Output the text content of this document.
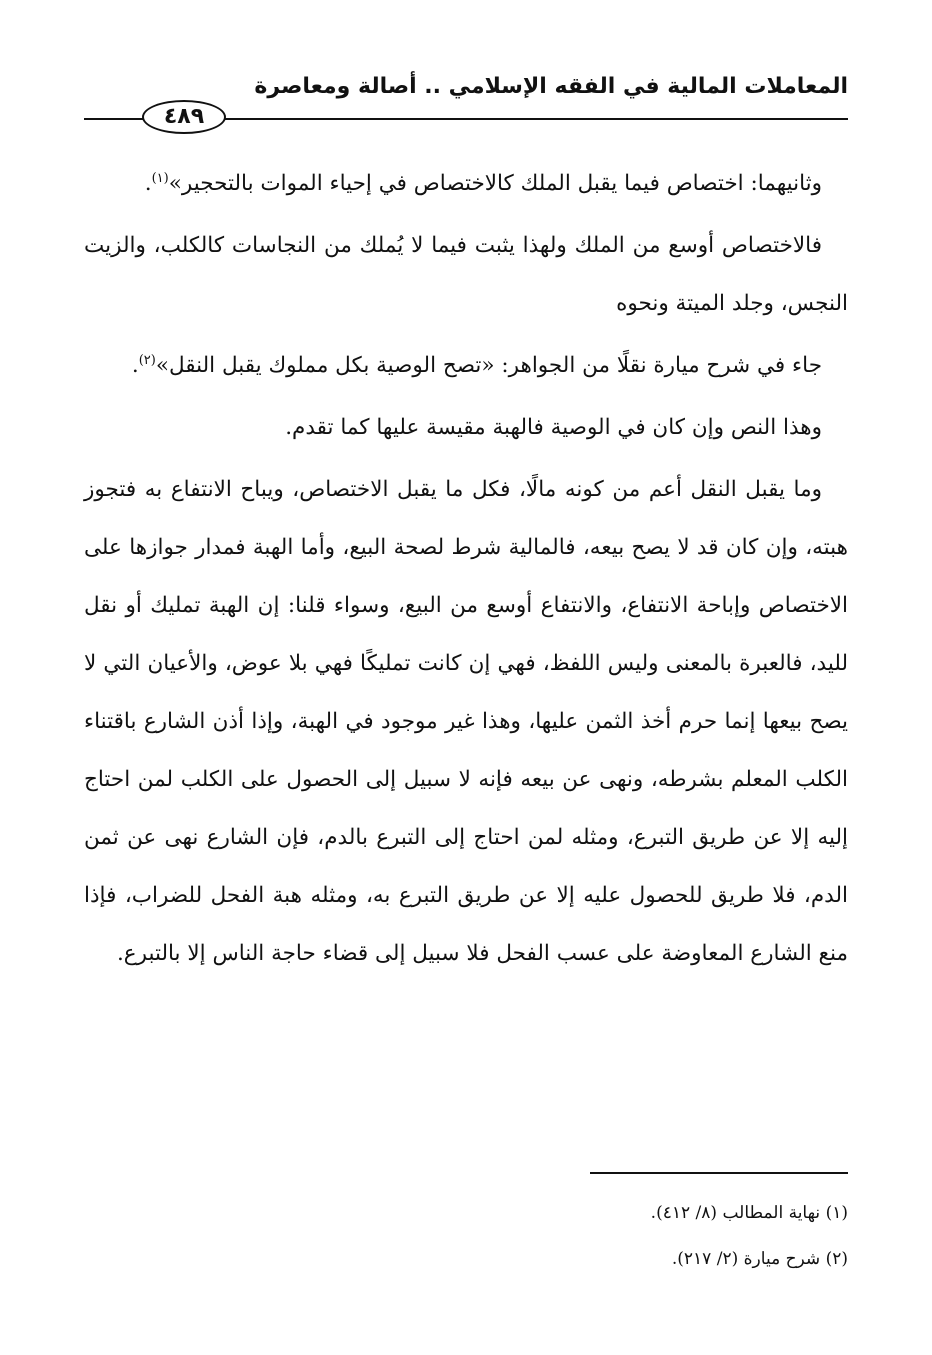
المعاملات المالية في الفقه الإسلامي .. أصالة ومعاصرة
٤٨٩

وثانيهما: اختصاص فيما يقبل الملك كالاختصاص في إحياء الموات بالتحجير»$^{(١)}$.

فالاختصاص أوسع من الملك ولهذا يثبت فيما لا يُملك من النجاسات كالكلب، والزيت النجس، وجلد الميتة ونحوه

جاء في شرح ميارة نقلًا من الجواهر: «تصح الوصية بكل مملوك يقبل النقل»$^{(٢)}$.

وهذا النص وإن كان في الوصية فالهبة مقيسة عليها كما تقدم.

وما يقبل النقل أعم من كونه مالًا، فكل ما يقبل الاختصاص، ويباح الانتفاع به فتجوز هبته، وإن كان قد لا يصح بيعه، فالمالية شرط لصحة البيع، وأما الهبة فمدار جوازها على الاختصاص وإباحة الانتفاع، والانتفاع أوسع من البيع، وسواء قلنا: إن الهبة تمليك أو نقل لليد، فالعبرة بالمعنى وليس اللفظ، فهي إن كانت تمليكًا فهي بلا عوض، والأعيان التي لا يصح بيعها إنما حرم أخذ الثمن عليها، وهذا غير موجود في الهبة، وإذا أذن الشارع باقتناء الكلب المعلم بشرطه، ونهى عن بيعه فإنه لا سبيل إلى الحصول على الكلب لمن احتاج إليه إلا عن طريق التبرع، ومثله لمن احتاج إلى التبرع بالدم، فإن الشارع نهى عن ثمن الدم، فلا طريق للحصول عليه إلا عن طريق التبرع به، ومثله هبة الفحل للضراب، فإذا منع الشارع المعاوضة على عسب الفحل فلا سبيل إلى قضاء حاجة الناس إلا بالتبرع.

(١) نهاية المطالب (٨/ ٤١٢).
(٢) شرح ميارة (٢/ ٢١٧).
